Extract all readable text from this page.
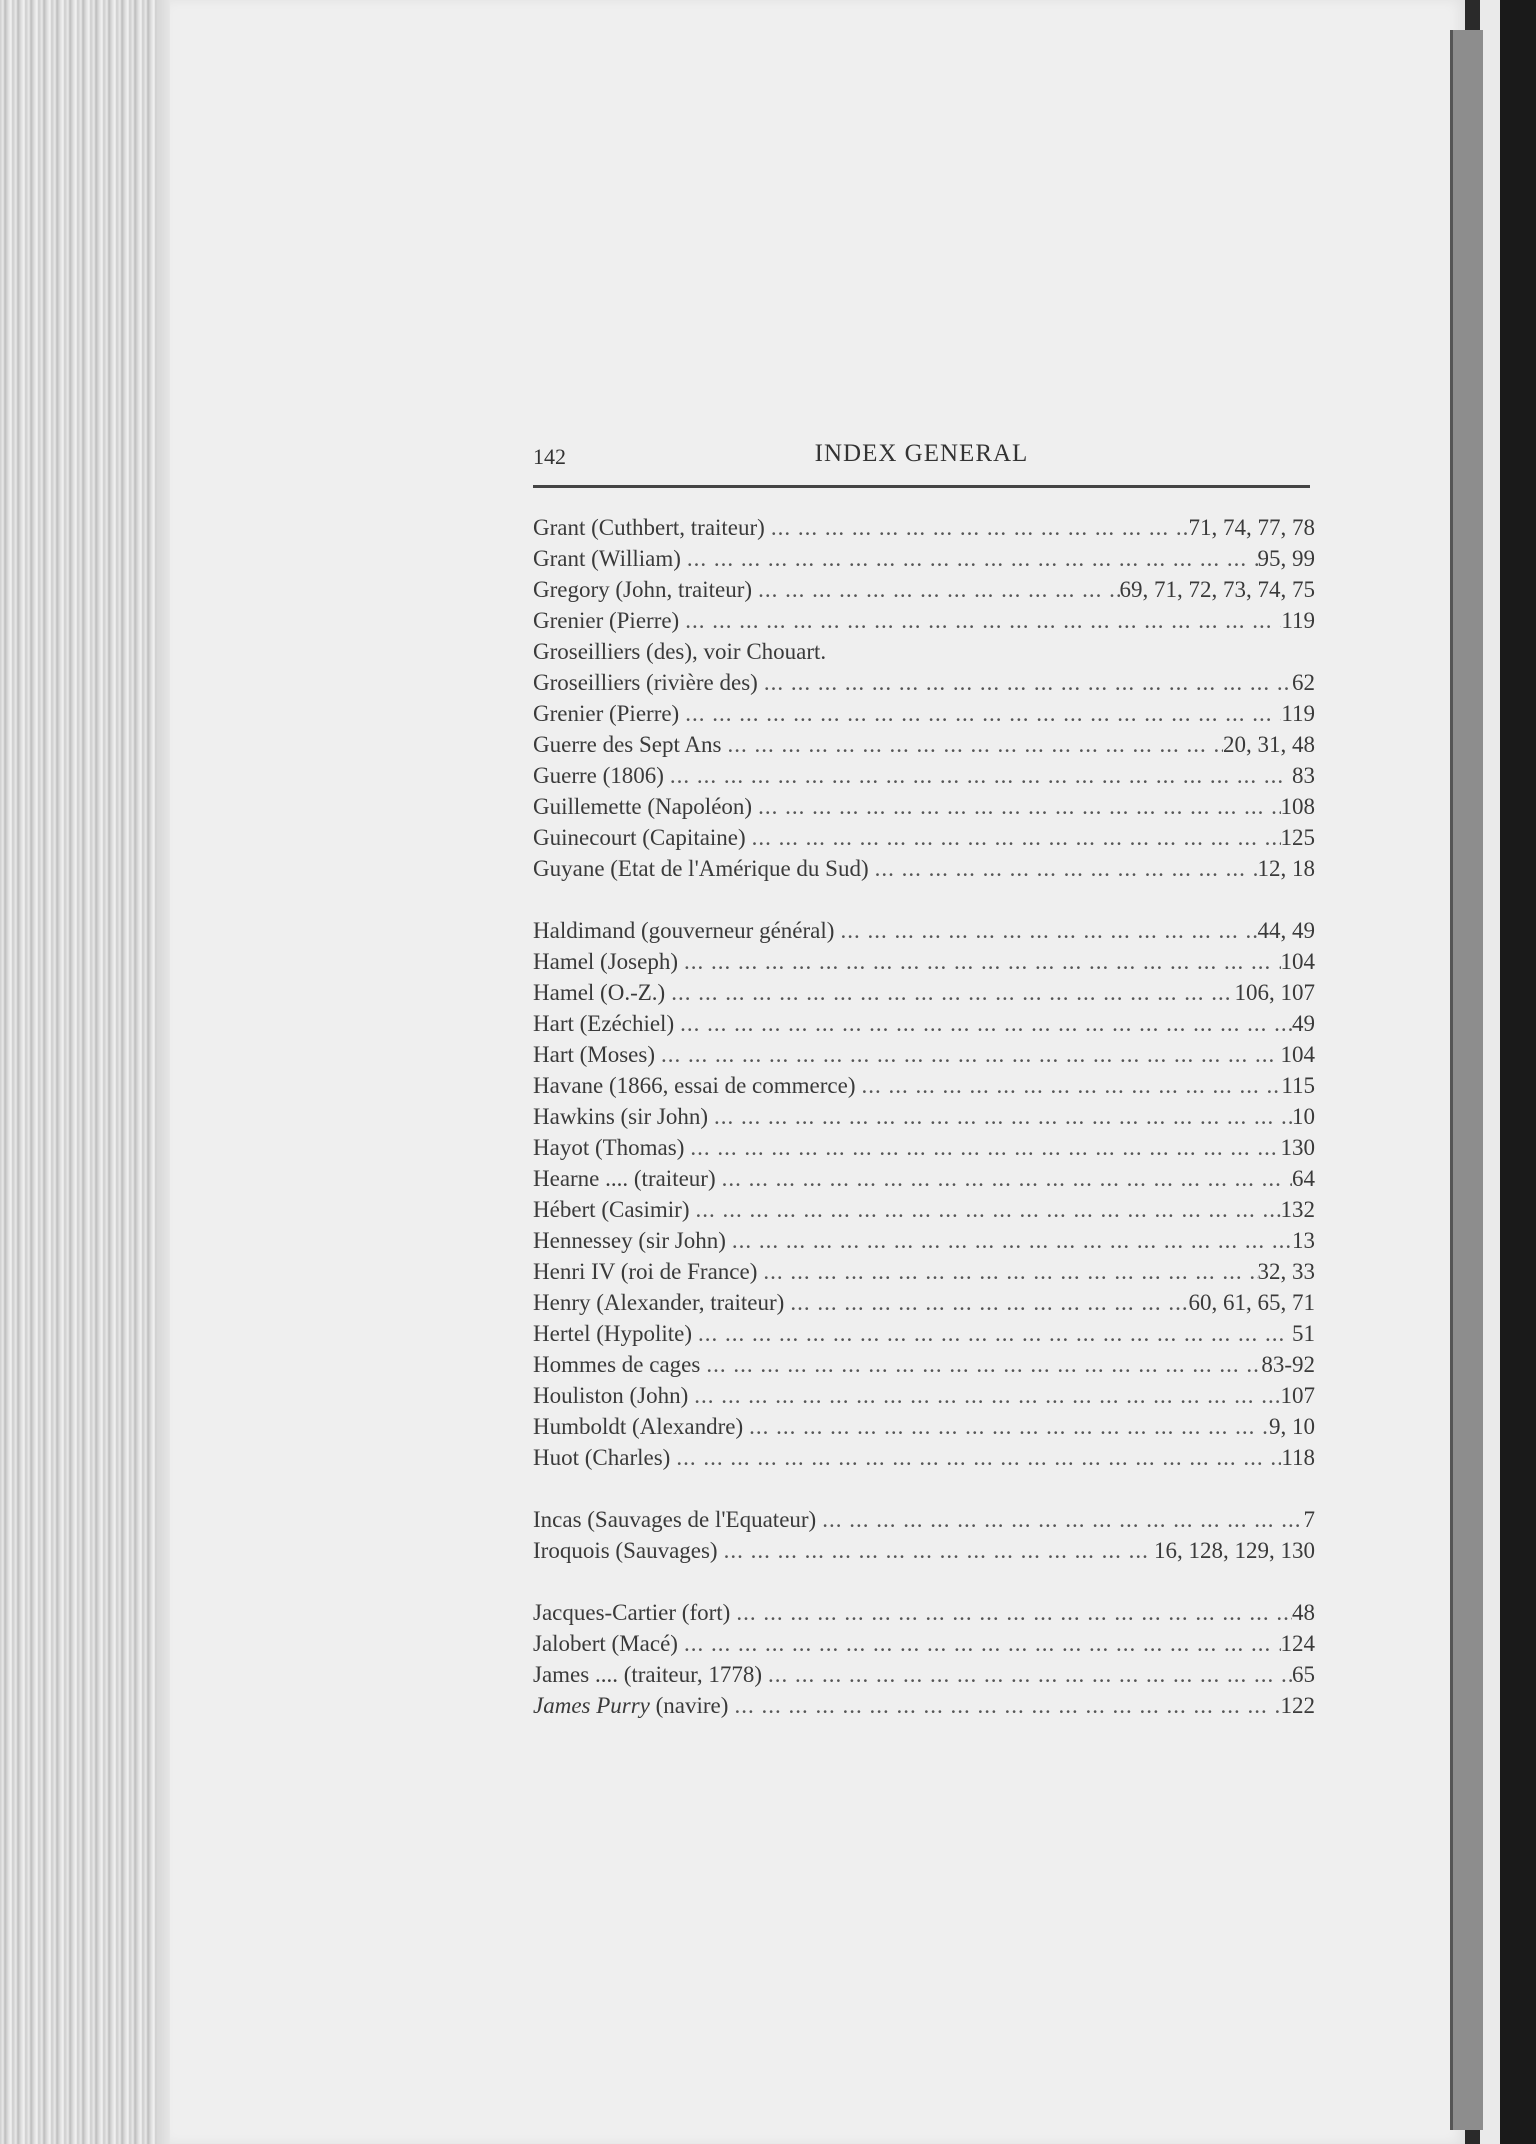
142	INDEX GENERAL
Grant (Cuthbert, traiteur) ... .	71, 74, 77, 78
Grant (William) ... .	95, 99
Gregory (John, traiteur) ... .	69, 71, 72, 73, 74, 75
Grenier (Pierre) ... .	119
Groseilliers (des), voir Chouart.
Groseilliers (rivière des) ... .	62
Grenier (Pierre) ... .	119
Guerre des Sept Ans ... .	20, 31, 48
Guerre (1806) ... .	83
Guillemette (Napoléon) ... .	108
Guinecourt (Capitaine) ... .	125
Guyane (Etat de l'Amérique du Sud) ... .	12, 18
Haldimand (gouverneur général) ... .	44, 49
Hamel (Joseph) ... .	104
Hamel (O.-Z.) ... .	106, 107
Hart (Ezéchiel) ... .	49
Hart (Moses) ... .	104
Havane (1866, essai de commerce) ... .	115
Hawkins (sir John) ... .	10
Hayot (Thomas) ... .	130
Hearne .... (traiteur) ... .	64
Hébert (Casimir) ... .	132
Hennessey (sir John) ... .	13
Henri IV (roi de France) ... .	32, 33
Henry (Alexander, traiteur) ... .	60, 61, 65, 71
Hertel (Hypolite) ... .	51
Hommes de cages ... .	83-92
Houliston (John) ... .	107
Humboldt (Alexandre) ... .	9, 10
Huot (Charles) ... .	118
Incas (Sauvages de l'Equateur) ... .	7
Iroquois (Sauvages) ... .	16, 128, 129, 130
Jacques-Cartier (fort) ... .	48
Jalobert (Macé) ... .	124
James .... (traiteur, 1778) ... .	65
James Purry (navire) ... .	122
